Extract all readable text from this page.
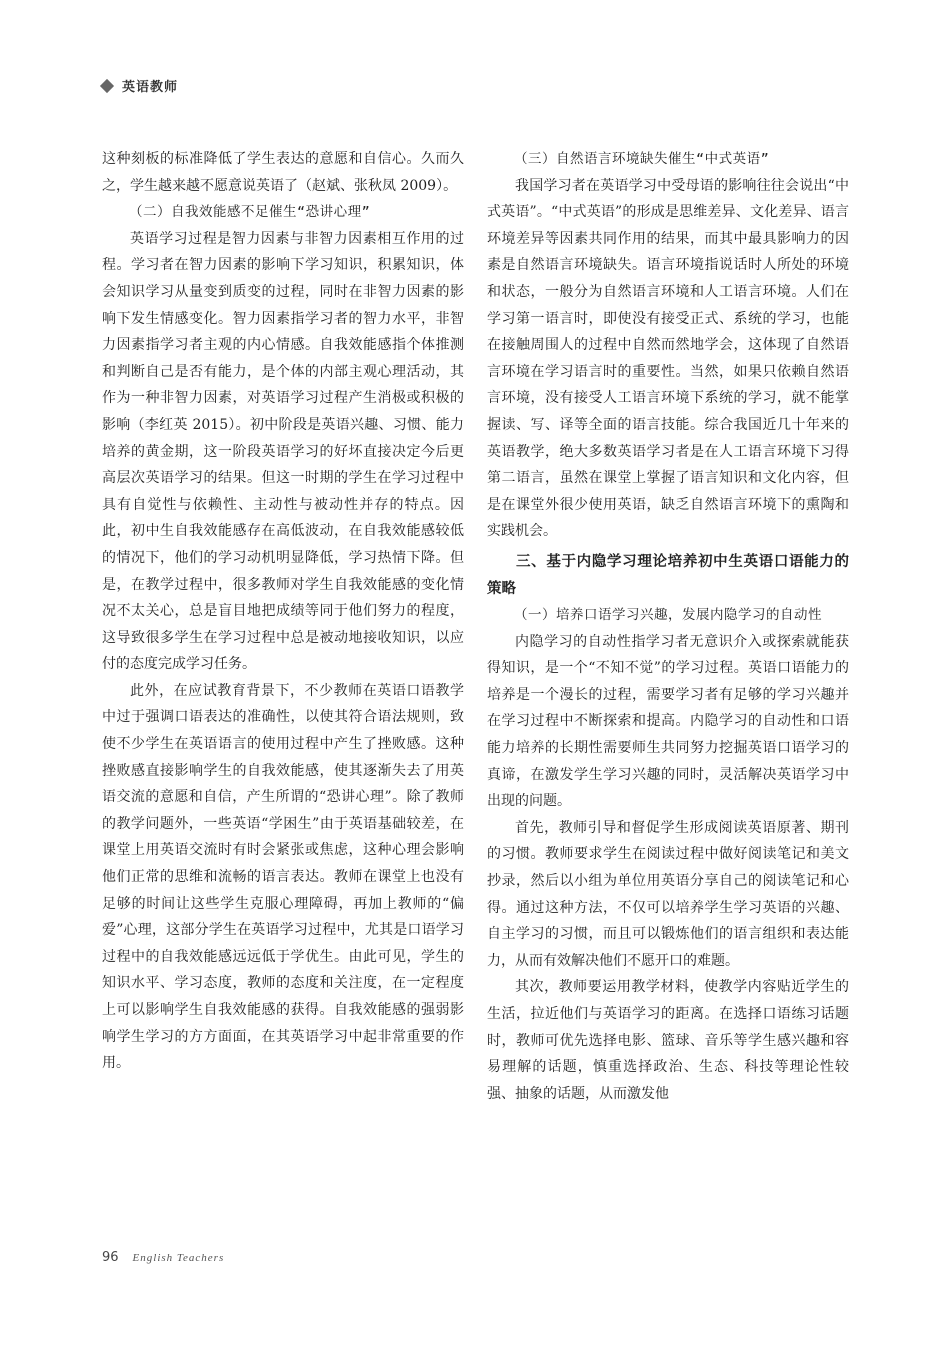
英语教师

这种刻板的标准降低了学生表达的意愿和自信心。久而久之，学生越来越不愿意说英语了（赵斌、张秋凤 2009）。

（二）自我效能感不足催生“恐讲心理”

英语学习过程是智力因素与非智力因素相互作用的过程。学习者在智力因素的影响下学习知识，积累知识，体会知识学习从量变到质变的过程，同时在非智力因素的影响下发生情感变化。智力因素指学习者的智力水平，非智力因素指学习者主观的内心情感。自我效能感指个体推测和判断自己是否有能力，是个体的内部主观心理活动，其作为一种非智力因素，对英语学习过程产生消极或积极的影响（李红英 2015）。初中阶段是英语兴趣、习惯、能力培养的黄金期，这一阶段英语学习的好坏直接决定今后更高层次英语学习的结果。但这一时期的学生在学习过程中具有自觉性与依赖性、主动性与被动性并存的特点。因此，初中生自我效能感存在高低波动，在自我效能感较低的情况下，他们的学习动机明显降低，学习热情下降。但是，在教学过程中，很多教师对学生自我效能感的变化情况不太关心，总是盲目地把成绩等同于他们努力的程度，这导致很多学生在学习过程中总是被动地接收知识，以应付的态度完成学习任务。

此外，在应试教育背景下，不少教师在英语口语教学中过于强调口语表达的准确性，以使其符合语法规则，致使不少学生在英语语言的使用过程中产生了挫败感。这种挫败感直接影响学生的自我效能感，使其逐渐失去了用英语交流的意愿和自信，产生所谓的“恐讲心理”。除了教师的教学问题外，一些英语“学困生”由于英语基础较差，在课堂上用英语交流时有时会紧张或焦虑，这种心理会影响他们正常的思维和流畅的语言表达。教师在课堂上也没有足够的时间让这些学生克服心理障碍，再加上教师的“偏爱”心理，这部分学生在英语学习过程中，尤其是口语学习过程中的自我效能感远远低于学优生。由此可见，学生的知识水平、学习态度，教师的态度和关注度，在一定程度上可以影响学生自我效能感的获得。自我效能感的强弱影响学生学习的方方面面，在其英语学习中起非常重要的作用。

（三）自然语言环境缺失催生“中式英语”

我国学习者在英语学习中受母语的影响往往会说出“中式英语”。“中式英语”的形成是思维差异、文化差异、语言环境差异等因素共同作用的结果，而其中最具影响力的因素是自然语言环境缺失。语言环境指说话时人所处的环境和状态，一般分为自然语言环境和人工语言环境。人们在学习第一语言时，即使没有接受正式、系统的学习，也能在接触周围人的过程中自然而然地学会，这体现了自然语言环境在学习语言时的重要性。当然，如果只依赖自然语言环境，没有接受人工语言环境下系统的学习，就不能掌握读、写、译等全面的语言技能。综合我国近几十年来的英语教学，绝大多数英语学习者是在人工语言环境下习得第二语言，虽然在课堂上掌握了语言知识和文化内容，但是在课堂外很少使用英语，缺乏自然语言环境下的熏陶和实践机会。

三、基于内隐学习理论培养初中生英语口语能力的策略
（一）培养口语学习兴趣，发展内隐学习的自动性

内隐学习的自动性指学习者无意识介入或探索就能获得知识，是一个“不知不觉”的学习过程。英语口语能力的培养是一个漫长的过程，需要学习者有足够的学习兴趣并在学习过程中不断探索和提高。内隐学习的自动性和口语能力培养的长期性需要师生共同努力挖掘英语口语学习的真谛，在激发学生学习兴趣的同时，灵活解决英语学习中出现的问题。

首先，教师引导和督促学生形成阅读英语原著、期刊的习惯。教师要求学生在阅读过程中做好阅读笔记和美文抄录，然后以小组为单位用英语分享自己的阅读笔记和心得。通过这种方法，不仅可以培养学生学习英语的兴趣、自主学习的习惯，而且可以锻炼他们的语言组织和表达能力，从而有效解决他们不愿开口的难题。

其次，教师要运用教学材料，使教学内容贴近学生的生活，拉近他们与英语学习的距离。在选择口语练习话题时，教师可优先选择电影、篮球、音乐等学生感兴趣和容易理解的话题，慎重选择政治、生态、科技等理论性较强、抽象的话题，从而激发他

96 English Teachers
